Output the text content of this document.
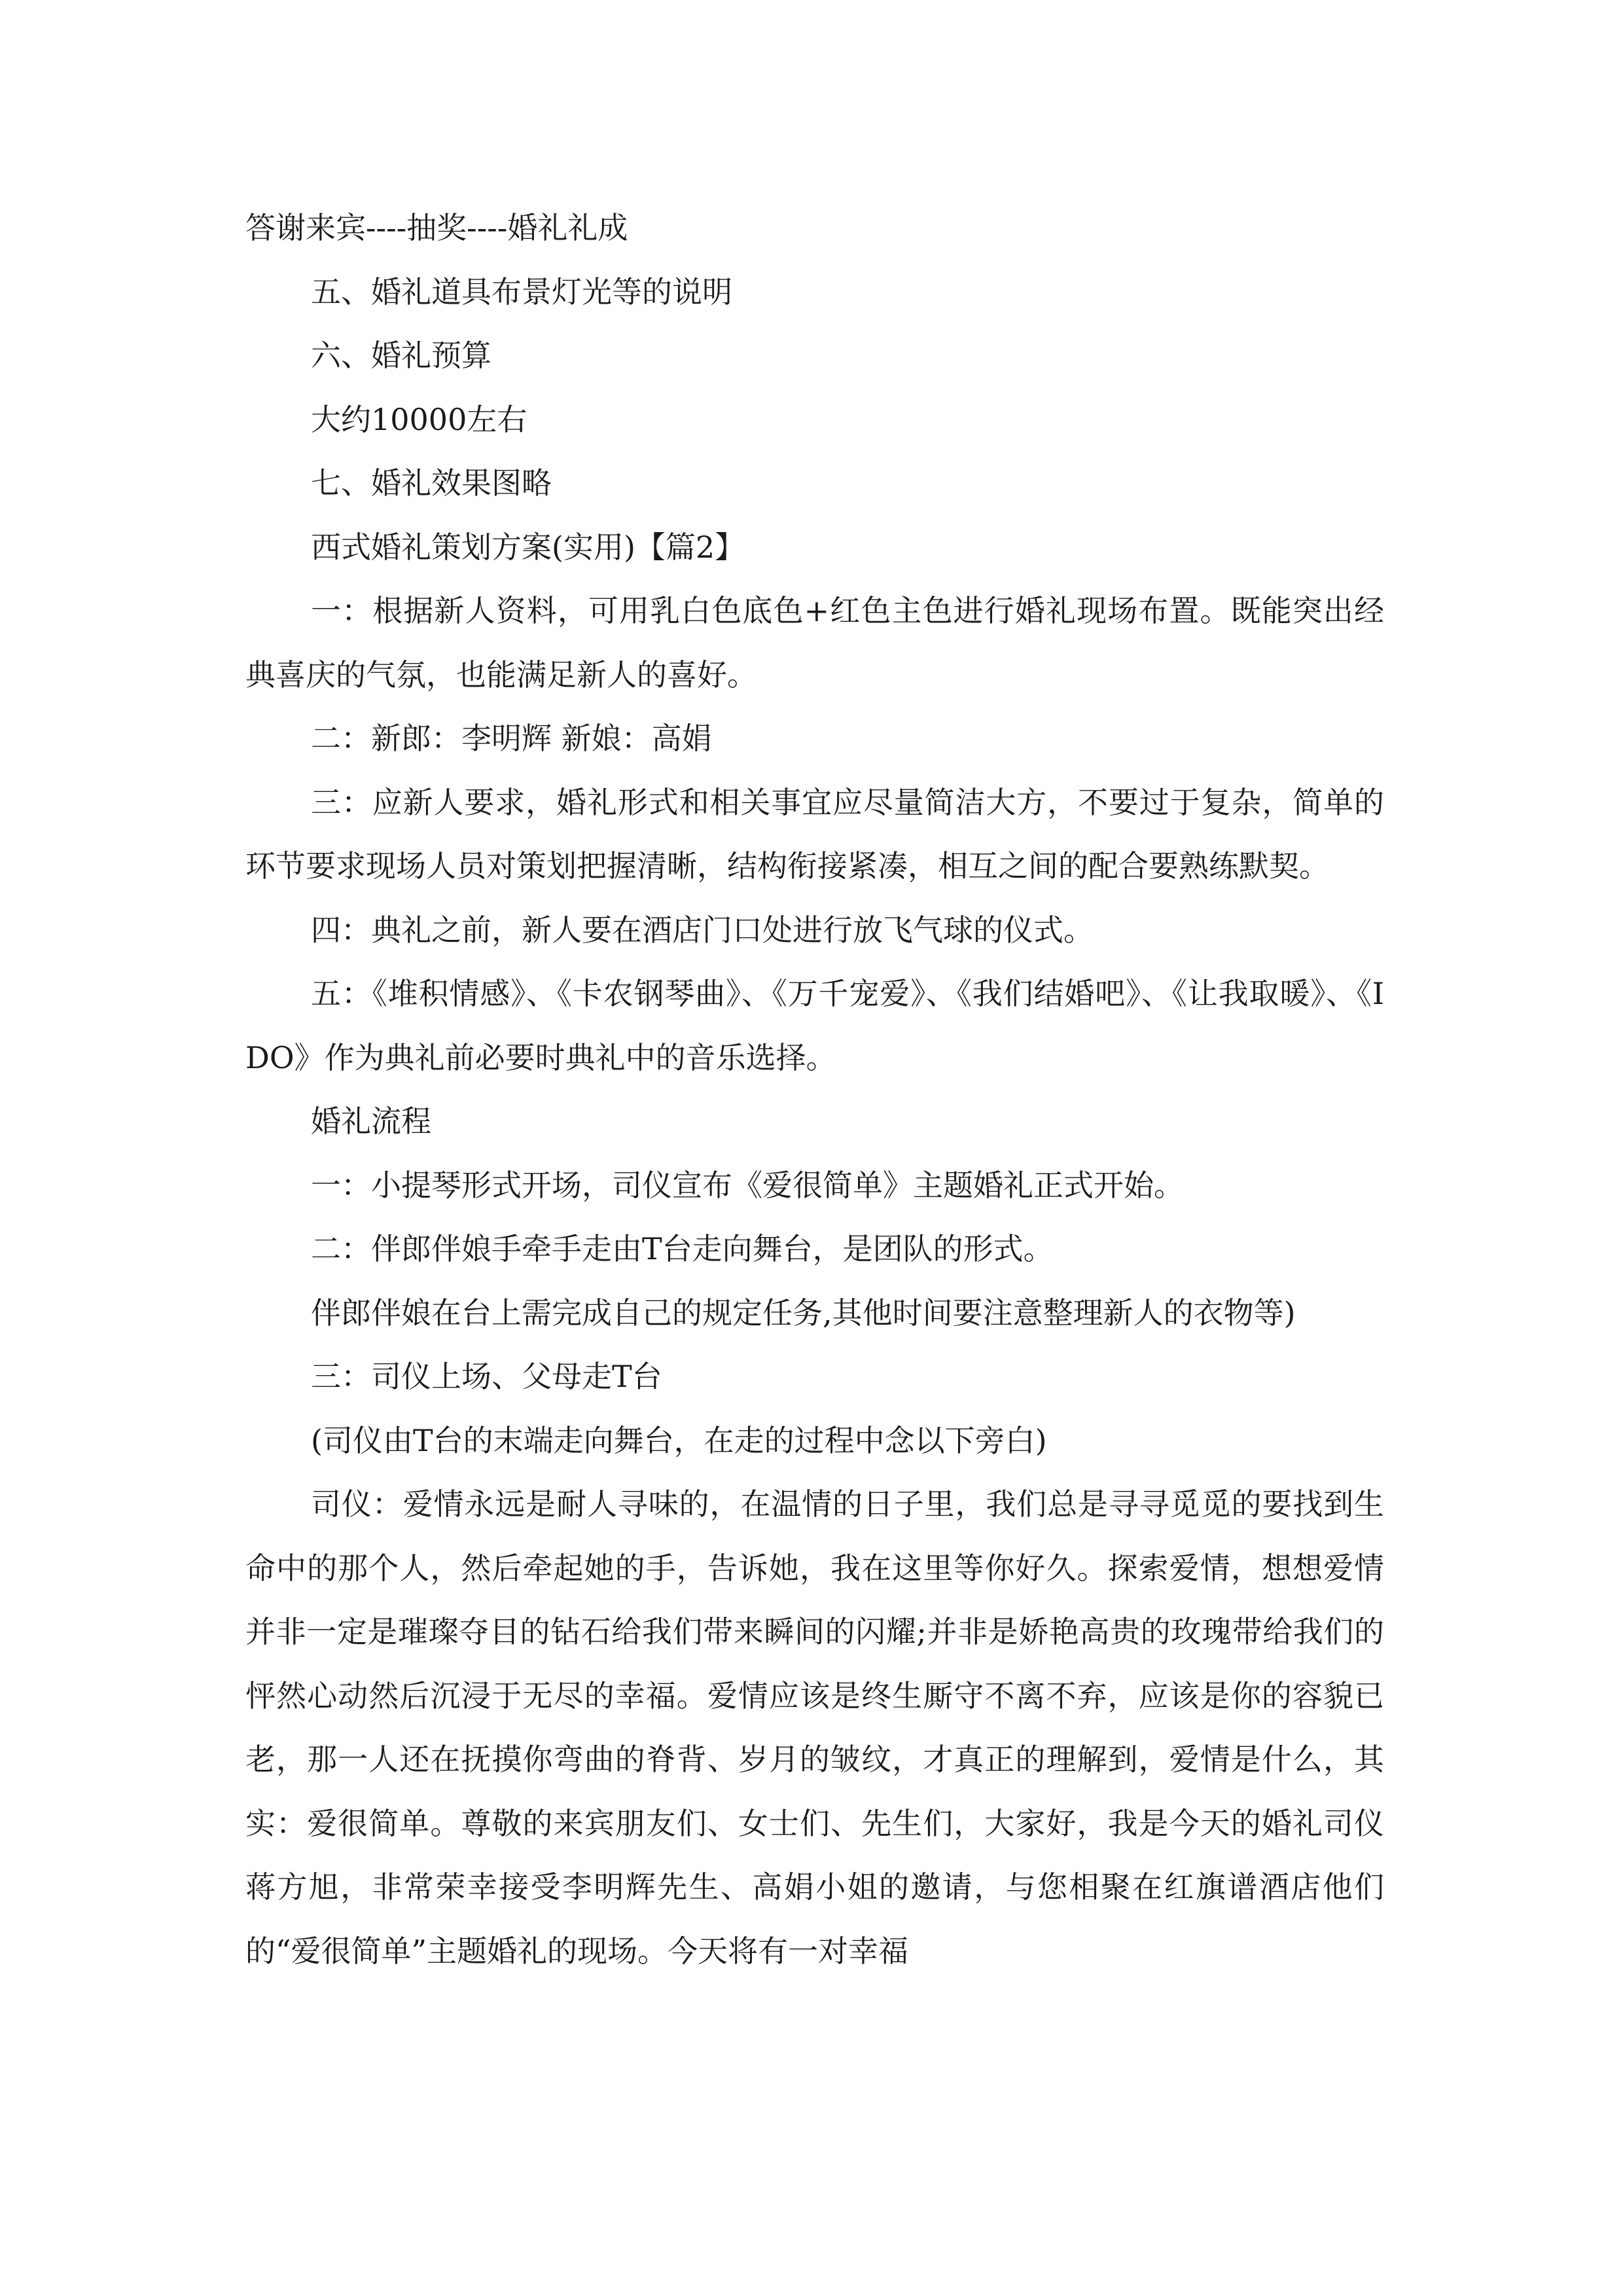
答谢来宾----抽奖----婚礼礼成

五、婚礼道具布景灯光等的说明

六、婚礼预算

大约10000左右

七、婚礼效果图略

西式婚礼策划方案(实用)【篇2】

一：根据新人资料，可用乳白色底色+红色主色进行婚礼现场布置。既能突出经典喜庆的气氛，也能满足新人的喜好。

二：新郎：李明辉 新娘：高娟

三：应新人要求，婚礼形式和相关事宜应尽量简洁大方，不要过于复杂，简单的环节要求现场人员对策划把握清晰，结构衔接紧凑，相互之间的配合要熟练默契。

四：典礼之前，新人要在酒店门口处进行放飞气球的仪式。

五：《堆积情感》、《卡农钢琴曲》、《万千宠爱》、《我们结婚吧》、《让我取暖》、《I DO》作为典礼前必要时典礼中的音乐选择。

婚礼流程

一：小提琴形式开场，司仪宣布《爱很简单》主题婚礼正式开始。

二：伴郎伴娘手牵手走由T台走向舞台，是团队的形式。

伴郎伴娘在台上需完成自己的规定任务,其他时间要注意整理新人的衣物等)

三：司仪上场、父母走T台

(司仪由T台的末端走向舞台，在走的过程中念以下旁白)

司仪：爱情永远是耐人寻味的，在温情的日子里，我们总是寻寻觅觅的要找到生命中的那个人，然后牵起她的手，告诉她，我在这里等你好久。探索爱情，想想爱情并非一定是璀璨夺目的钻石给我们带来瞬间的闪耀;并非是娇艳高贵的玫瑰带给我们的怦然心动然后沉浸于无尽的幸福。爱情应该是终生厮守不离不弃，应该是你的容貌已老，那一人还在抚摸你弯曲的脊背、岁月的皱纹，才真正的理解到，爱情是什么，其实：爱很简单。尊敬的来宾朋友们、女士们、先生们，大家好，我是今天的婚礼司仪蒋方旭，非常荣幸接受李明辉先生、高娟小姐的邀请，与您相聚在红旗谱酒店他们的“爱很简单”主题婚礼的现场。今天将有一对幸福
